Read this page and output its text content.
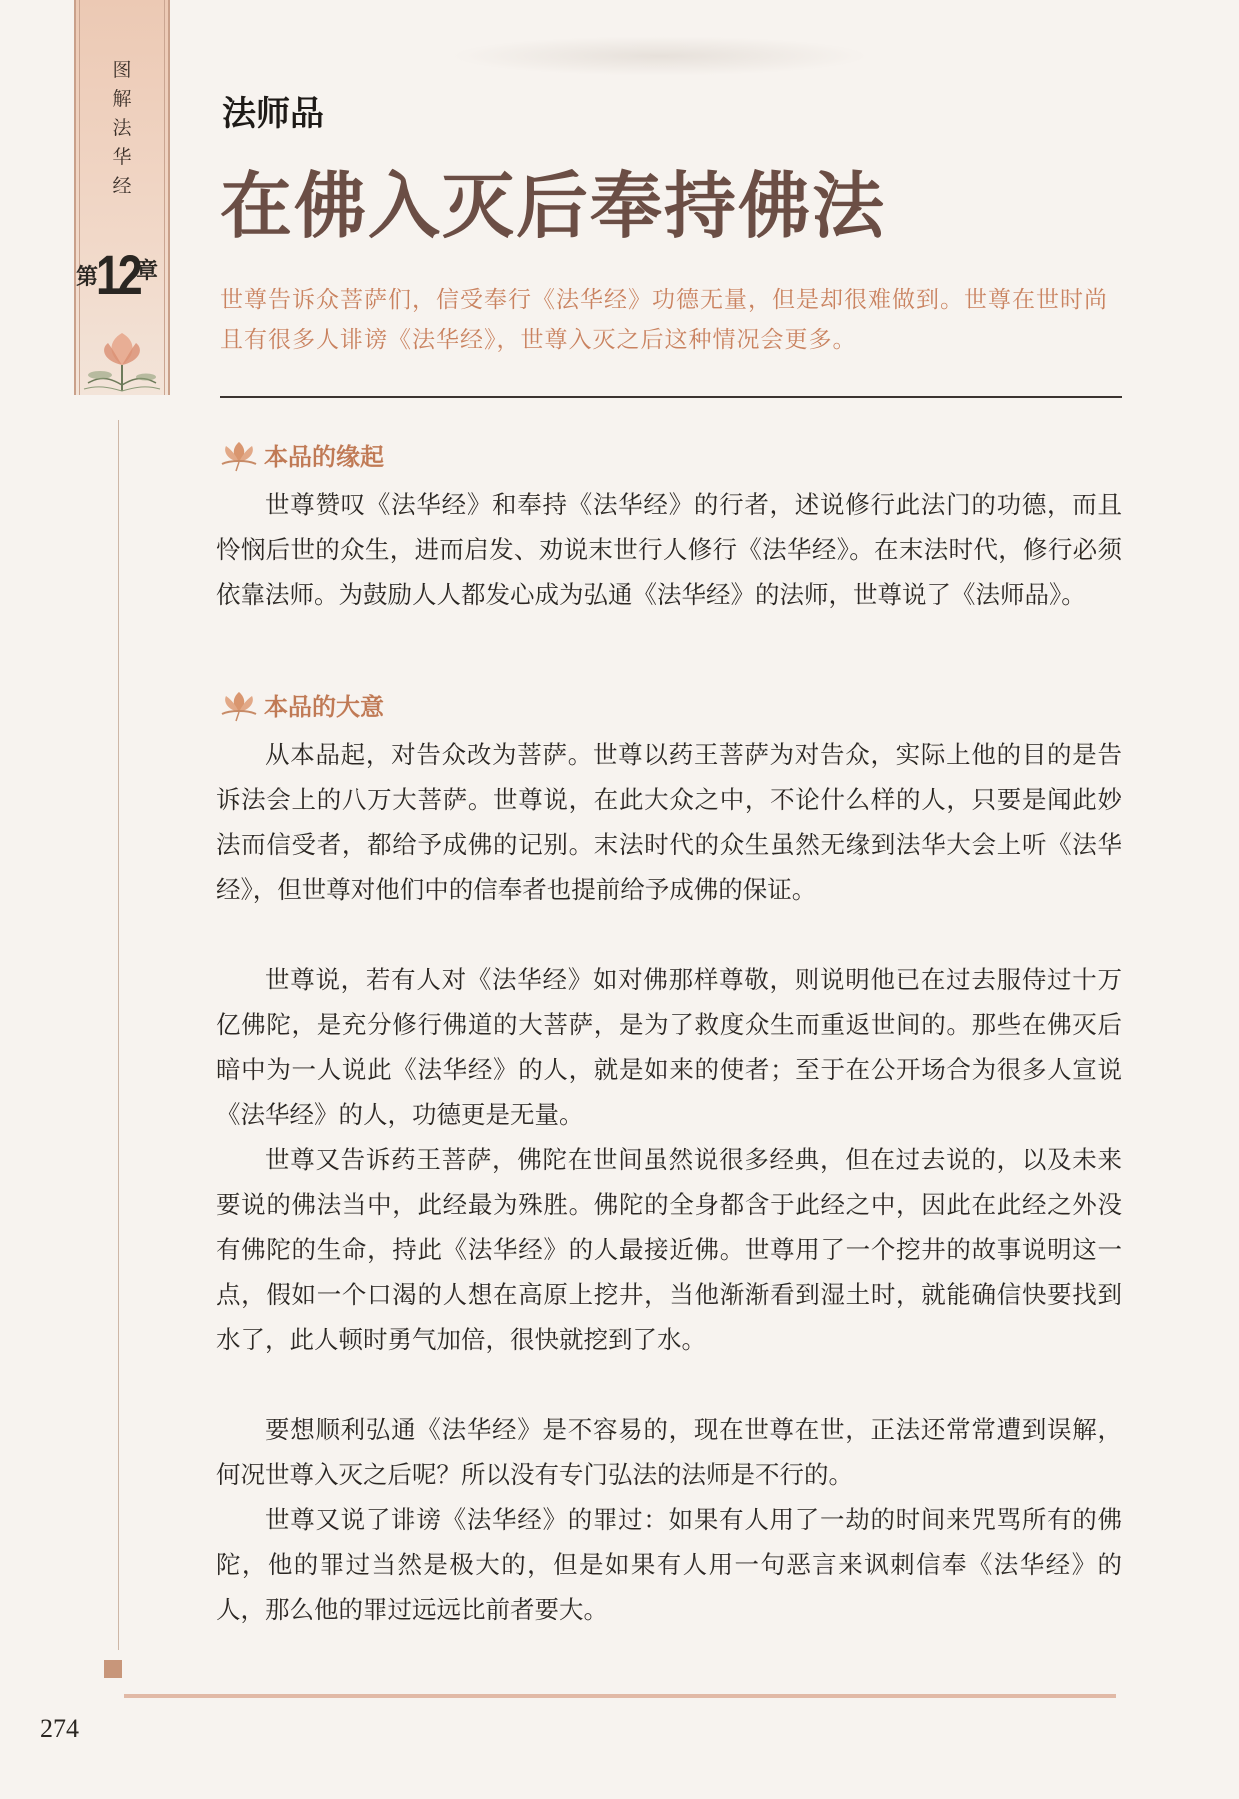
图
解
法
华
经
第
12
章
法师品
在佛入灭后奉持佛法
世尊告诉众菩萨们，信受奉行《法华经》功德无量，但是却很难做到。世尊在世时尚且有很多人诽谤《法华经》，世尊入灭之后这种情况会更多。
本品的缘起

世尊赞叹《法华经》和奉持《法华经》的行者，述说修行此法门的功德，而且怜悯后世的众生，进而启发、劝说末世行人修行《法华经》。在末法时代，修行必须依靠法师。为鼓励人人都发心成为弘通《法华经》的法师，世尊说了《法师品》。

本品的大意

从本品起，对告众改为菩萨。世尊以药王菩萨为对告众，实际上他的目的是告诉法会上的八万大菩萨。世尊说，在此大众之中，不论什么样的人，只要是闻此妙法而信受者，都给予成佛的记别。末法时代的众生虽然无缘到法华大会上听《法华经》，但世尊对他们中的信奉者也提前给予成佛的保证。

世尊说，若有人对《法华经》如对佛那样尊敬，则说明他已在过去服侍过十万亿佛陀，是充分修行佛道的大菩萨，是为了救度众生而重返世间的。那些在佛灭后暗中为一人说此《法华经》的人，就是如来的使者；至于在公开场合为很多人宣说《法华经》的人，功德更是无量。

世尊又告诉药王菩萨，佛陀在世间虽然说很多经典，但在过去说的，以及未来要说的佛法当中，此经最为殊胜。佛陀的全身都含于此经之中，因此在此经之外没有佛陀的生命，持此《法华经》的人最接近佛。世尊用了一个挖井的故事说明这一点，假如一个口渴的人想在高原上挖井，当他渐渐看到湿土时，就能确信快要找到水了，此人顿时勇气加倍，很快就挖到了水。

要想顺利弘通《法华经》是不容易的，现在世尊在世，正法还常常遭到误解，何况世尊入灭之后呢？所以没有专门弘法的法师是不行的。

世尊又说了诽谤《法华经》的罪过：如果有人用了一劫的时间来咒骂所有的佛陀，他的罪过当然是极大的，但是如果有人用一句恶言来讽刺信奉《法华经》的人，那么他的罪过远远比前者要大。

274
